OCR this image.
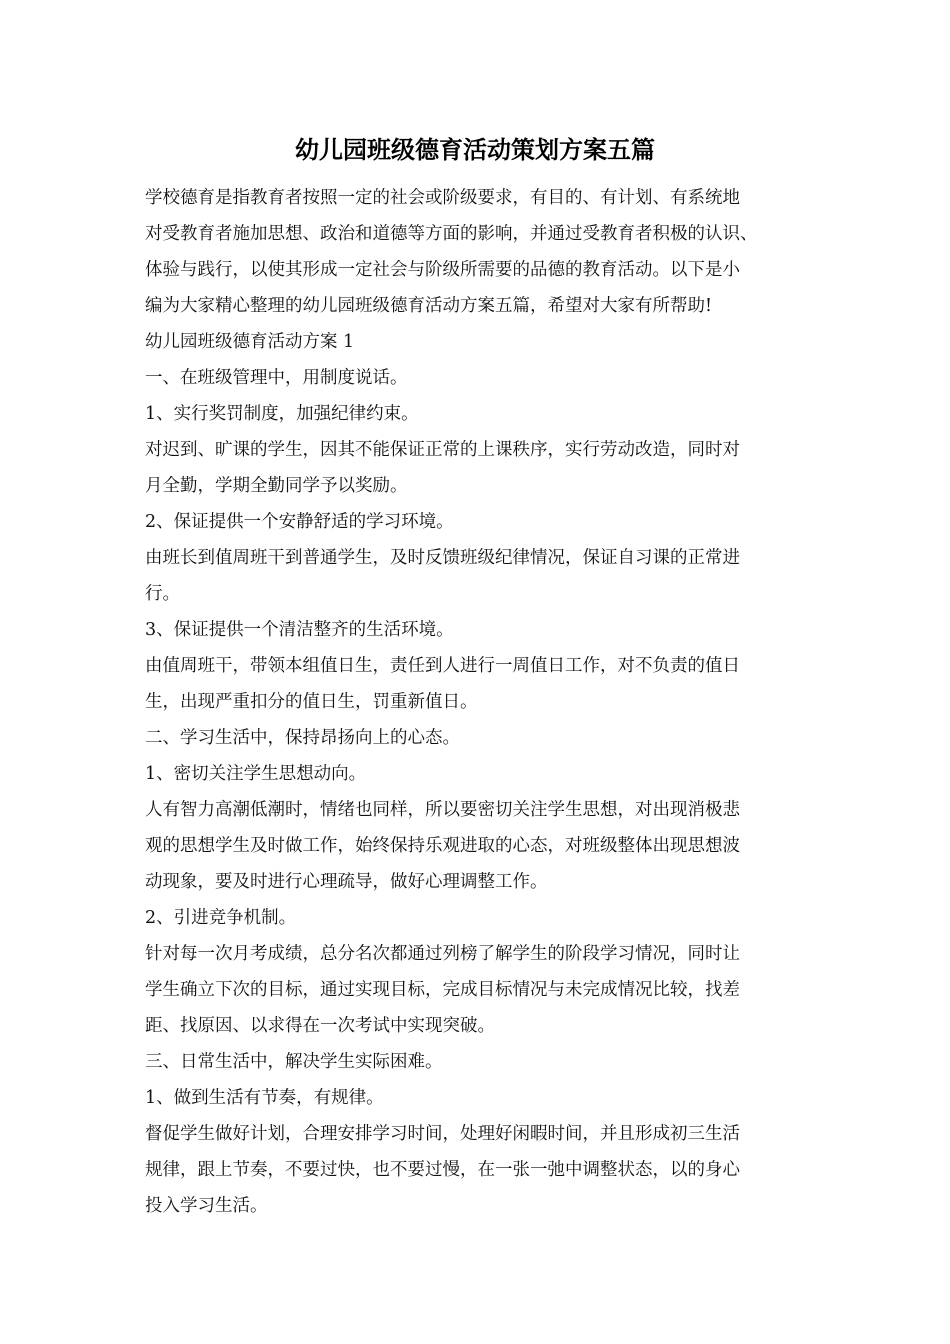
幼儿园班级德育活动策划方案五篇

学校德育是指教育者按照一定的社会或阶级要求，有目的、有计划、有系统地

对受教育者施加思想、政治和道德等方面的影响，并通过受教育者积极的认识、

体验与践行，以使其形成一定社会与阶级所需要的品德的教育活动。以下是小

编为大家精心整理的幼儿园班级德育活动方案五篇，希望对大家有所帮助!

幼儿园班级德育活动方案 1

一、在班级管理中，用制度说话。

1、实行奖罚制度，加强纪律约束。

对迟到、旷课的学生，因其不能保证正常的上课秩序，实行劳动改造，同时对

月全勤，学期全勤同学予以奖励。

2、保证提供一个安静舒适的学习环境。

由班长到值周班干到普通学生，及时反馈班级纪律情况，保证自习课的正常进

行。

3、保证提供一个清洁整齐的生活环境。

由值周班干，带领本组值日生，责任到人进行一周值日工作，对不负责的值日

生，出现严重扣分的值日生，罚重新值日。

二、学习生活中，保持昂扬向上的心态。

1、密切关注学生思想动向。

人有智力高潮低潮时，情绪也同样，所以要密切关注学生思想，对出现消极悲

观的思想学生及时做工作，始终保持乐观进取的心态，对班级整体出现思想波

动现象，要及时进行心理疏导，做好心理调整工作。

2、引进竞争机制。

针对每一次月考成绩，总分名次都通过列榜了解学生的阶段学习情况，同时让

学生确立下次的目标，通过实现目标，完成目标情况与未完成情况比较，找差

距、找原因、以求得在一次考试中实现突破。

三、日常生活中，解决学生实际困难。

1、做到生活有节奏，有规律。

督促学生做好计划，合理安排学习时间，处理好闲暇时间，并且形成初三生活

规律，跟上节奏，不要过快，也不要过慢，在一张一弛中调整状态，以的身心

投入学习生活。
